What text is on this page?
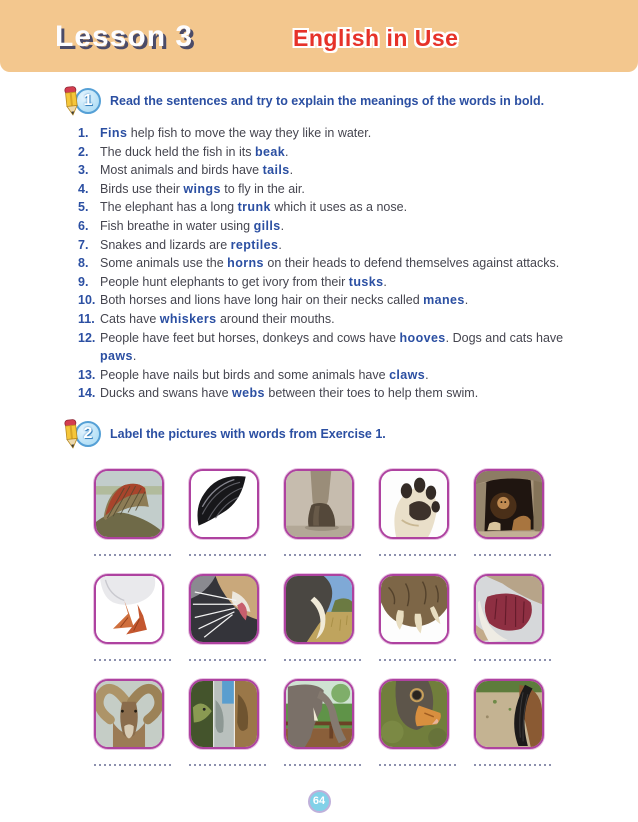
Lesson 3	English in Use
1	Read the sentences and try to explain the meanings of the words in bold.
1. Fins help fish to move the way they like in water.
2. The duck held the fish in its beak.
3. Most animals and birds have tails.
4. Birds use their wings to fly in the air.
5. The elephant has a long trunk which it uses as a nose.
6. Fish breathe in water using gills.
7. Snakes and lizards are reptiles.
8. Some animals use the horns on their heads to defend themselves against attacks.
9. People hunt elephants to get ivory from their tusks.
10. Both horses and lions have long hair on their necks called manes.
11. Cats have whiskers around their mouths.
12. People have feet but horses, donkeys and cows have hooves. Dogs and cats have paws.
13. People have nails but birds and some animals have claws.
14. Ducks and swans have webs between their toes to help them swim.
2	Label the pictures with words from Exercise 1.
64
